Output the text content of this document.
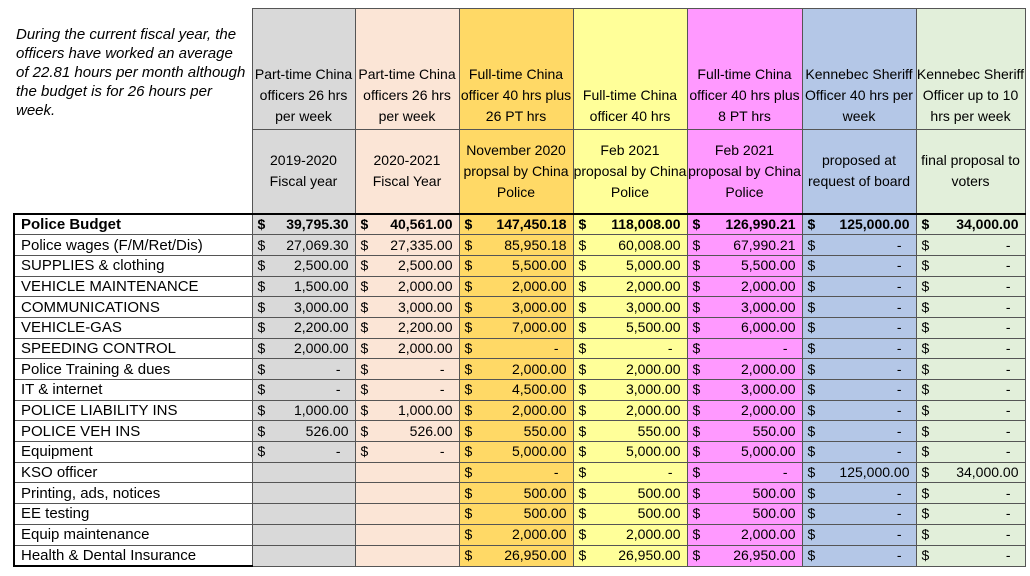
	Part-time China officers 26 hrs per week	Part-time China officers 26 hrs per week	Full-time China officer 40 hrs plus 26 PT hrs	Full-time China officer 40 hrs	Full-time China officer 40 hrs plus 8 PT hrs	Kennebec Sheriff Officer 40 hrs per week	Kennebec Sheriff Officer up to 10 hrs per week
	2019-2020 Fiscal year	2020-2021 Fiscal Year	November 2020 propsal by China Police	Feb 2021 proposal by China Police	Feb 2021 proposal by China Police	proposed at request of board	final proposal to voters
Police Budget	$ 39,795.30	$ 40,561.00	$ 147,450.18	$ 118,008.00	$ 126,990.21	$ 125,000.00	$ 34,000.00

Police wages (F/M/Ret/Dis)	$ 27,069.30	$ 27,335.00	$ 85,950.18	$ 60,008.00	$ 67,990.21	$ -	$ -

SUPPLIES & clothing	$ 2,500.00	$ 2,500.00	$ 5,500.00	$ 5,000.00	$ 5,500.00	$ -	$ -

VEHICLE MAINTENANCE	$ 1,500.00	$ 2,000.00	$ 2,000.00	$ 2,000.00	$ 2,000.00	$ -	$ -

COMMUNICATIONS	$ 3,000.00	$ 3,000.00	$ 3,000.00	$ 3,000.00	$ 3,000.00	$ -	$ -

VEHICLE-GAS	$ 2,200.00	$ 2,200.00	$ 7,000.00	$ 5,500.00	$ 6,000.00	$ -	$ -

SPEEDING CONTROL	$ 2,000.00	$ 2,000.00	$ -	$ -	$ -	$ -	$ -

Police Training & dues	$ -	$ -	$ 2,000.00	$ 2,000.00	$ 2,000.00	$ -	$ -

IT & internet	$ -	$ -	$ 4,500.00	$ 3,000.00	$ 3,000.00	$ -	$ -

POLICE LIABILITY INS	$ 1,000.00	$ 1,000.00	$ 2,000.00	$ 2,000.00	$ 2,000.00	$ -	$ -

POLICE VEH INS	$ 526.00	$ 526.00	$ 550.00	$ 550.00	$ 550.00	$ -	$ -

Equipment	$ -	$ -	$ 5,000.00	$ 5,000.00	$ 5,000.00	$ -	$ -

KSO officer			$ -	$ -	$ -	$ 125,000.00	$ 34,000.00

Printing, ads, notices			$ 500.00	$ 500.00	$ 500.00	$ -	$ -

EE testing			$ 500.00	$ 500.00	$ 500.00	$ -	$ -

Equip maintenance			$ 2,000.00	$ 2,000.00	$ 2,000.00	$ -	$ -

Health & Dental Insurance			$ 26,950.00	$ 26,950.00	$ 26,950.00	$ -	$ -
During the current fiscal year, the officers have worked an average of 22.81 hours per month although the budget is for 26 hours per week.
